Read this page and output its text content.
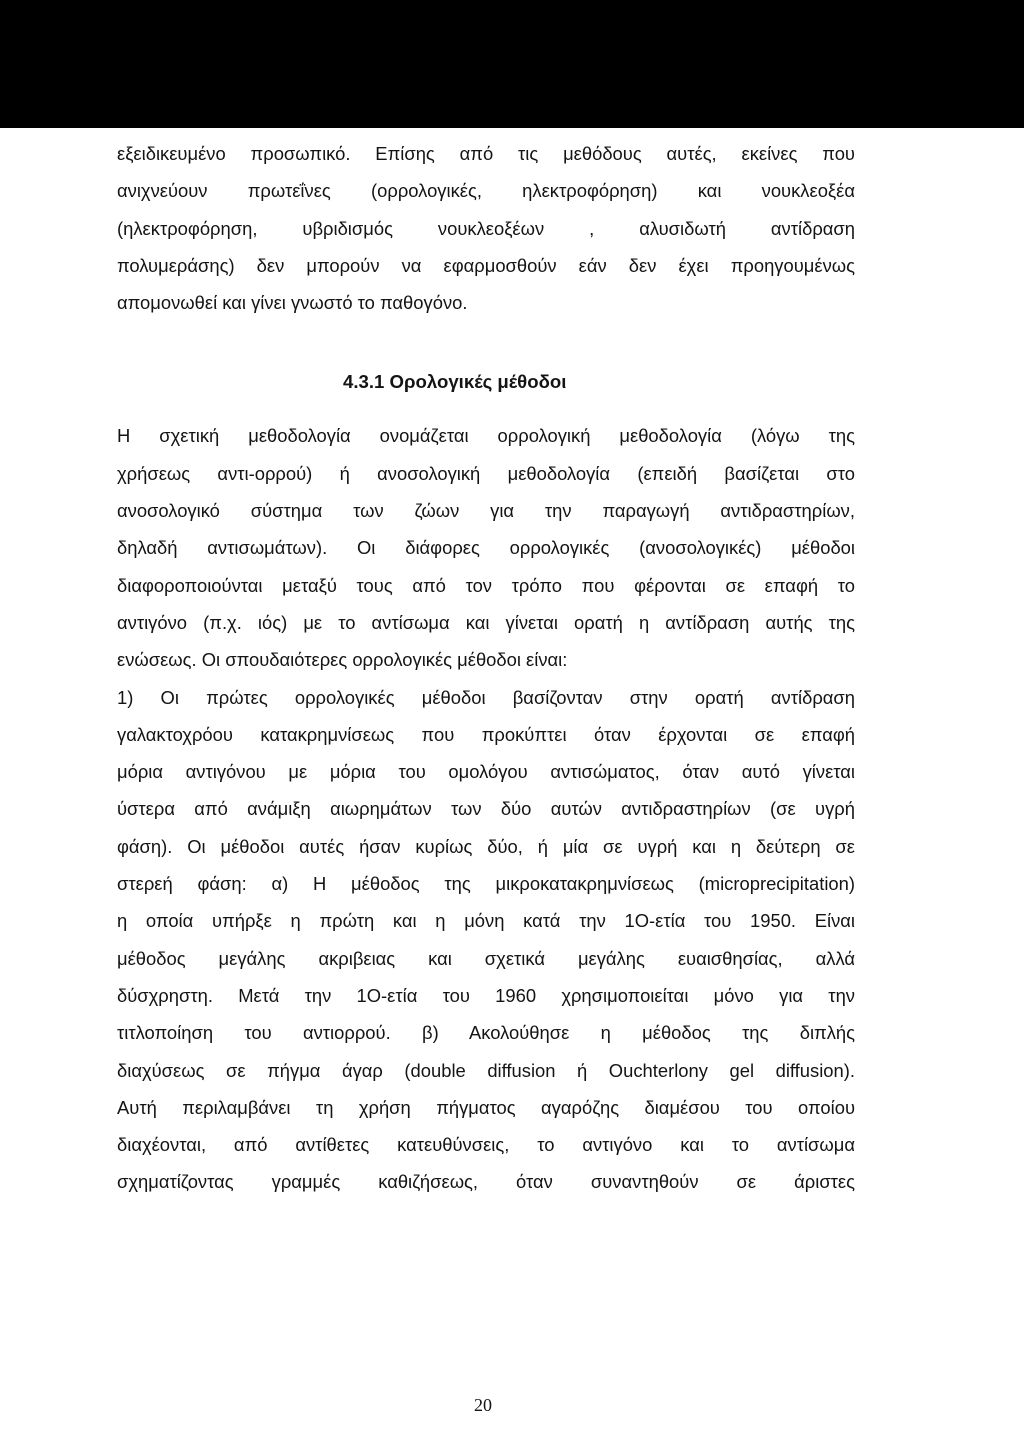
εξειδικευμένο προσωπικό. Επίσης από τις μεθόδους αυτές, εκείνες που
ανιχνεύουν πρωτεΐνες (ορρολογικές, ηλεκτροφόρηση) και νουκλεοξέα
(ηλεκτροφόρηση, υβριδισμός νουκλεοξέων , αλυσιδωτή αντίδραση
πολυμεράσης) δεν μπορούν να εφαρμοσθούν εάν δεν έχει προηγουμένως
απομονωθεί και γίνει γνωστό το παθογόνο.
4.3.1 Ορολογικές μέθοδοι
Η σχετική μεθοδολογία ονομάζεται ορρολογική μεθοδολογία (λόγω της
χρήσεως αντι-ορρού) ή ανοσολογική μεθοδολογία (επειδή βασίζεται στο
ανοσολογικό σύστημα των ζώων για την παραγωγή αντιδραστηρίων,
δηλαδή αντισωμάτων). Οι διάφορες ορρολογικές (ανοσολογικές) μέθοδοι
διαφοροποιούνται μεταξύ τους από τον τρόπο που φέρονται σε επαφή το
αντιγόνο (π.χ. ιός) με το αντίσωμα και γίνεται ορατή η αντίδραση αυτής της
ενώσεως. Οι σπουδαιότερες ορρολογικές μέθοδοι είναι:
1) Οι πρώτες ορρολογικές μέθοδοι βασίζονταν στην ορατή αντίδραση
γαλακτοχρόου κατακρημνίσεως που προκύπτει όταν έρχονται σε επαφή
μόρια αντιγόνου με μόρια του ομολόγου αντισώματος, όταν αυτό γίνεται
ύστερα από ανάμιξη αιωρημάτων των δύο αυτών αντιδραστηρίων (σε υγρή
φάση). Οι μέθοδοι αυτές ήσαν κυρίως δύο, ή μία σε υγρή και η δεύτερη σε
στερεή φάση: α) Η μέθοδος της μικροκατακρημνίσεως (microprecipitation)
η οποία υπήρξε η πρώτη και η μόνη κατά την 1Ο-ετία του 1950. Είναι
μέθοδος μεγάλης ακριβειας και σχετικά μεγάλης ευαισθησίας, αλλά
δύσχρηστη. Μετά την 1Ο-ετία του 1960 χρησιμοποιείται μόνο για την
τιτλοποίηση του αντιορρού. β) Ακολούθησε η μέθοδος της διπλής
διαχύσεως σε πήγμα άγαρ (double diffusion ή Ouchterlony gel diffusion).
Αυτή περιλαμβάνει τη χρήση πήγματος αγαρόζης διαμέσου του οποίου
διαχέονται, από αντίθετες κατευθύνσεις, το αντιγόνο και το αντίσωμα
σχηματίζοντας γραμμές καθιζήσεως, όταν συναντηθούν σε άριστες
20
